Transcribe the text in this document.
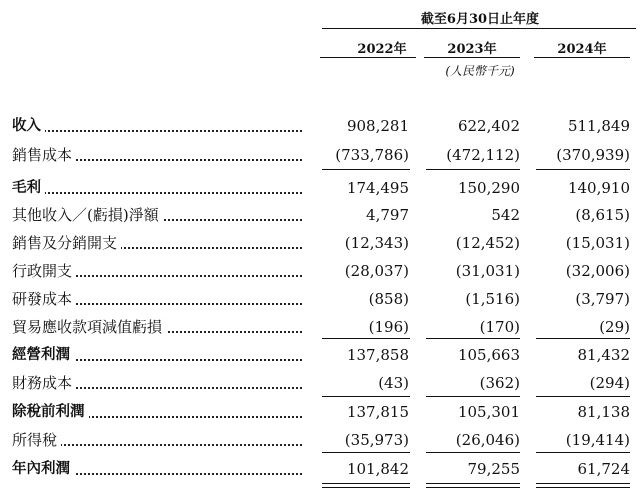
截至6月30日止年度
2022年	2023年	2024年
(人民幣千元)
收入	908,281	622,402	511,849
銷售成本	(733,786)	(472,112)	(370,939)
毛利	174,495	150,290	140,910
其他收入／(虧損)淨額	4,797	542	(8,615)
銷售及分銷開支	(12,343)	(12,452)	(15,031)
行政開支	(28,037)	(31,031)	(32,006)
研發成本	(858)	(1,516)	(3,797)
貿易應收款項減值虧損	(196)	(170)	(29)
經營利潤	137,858	105,663	81,432
財務成本	(43)	(362)	(294)
除稅前利潤	137,815	105,301	81,138
所得稅	(35,973)	(26,046)	(19,414)
年內利潤	101,842	79,255	61,724
